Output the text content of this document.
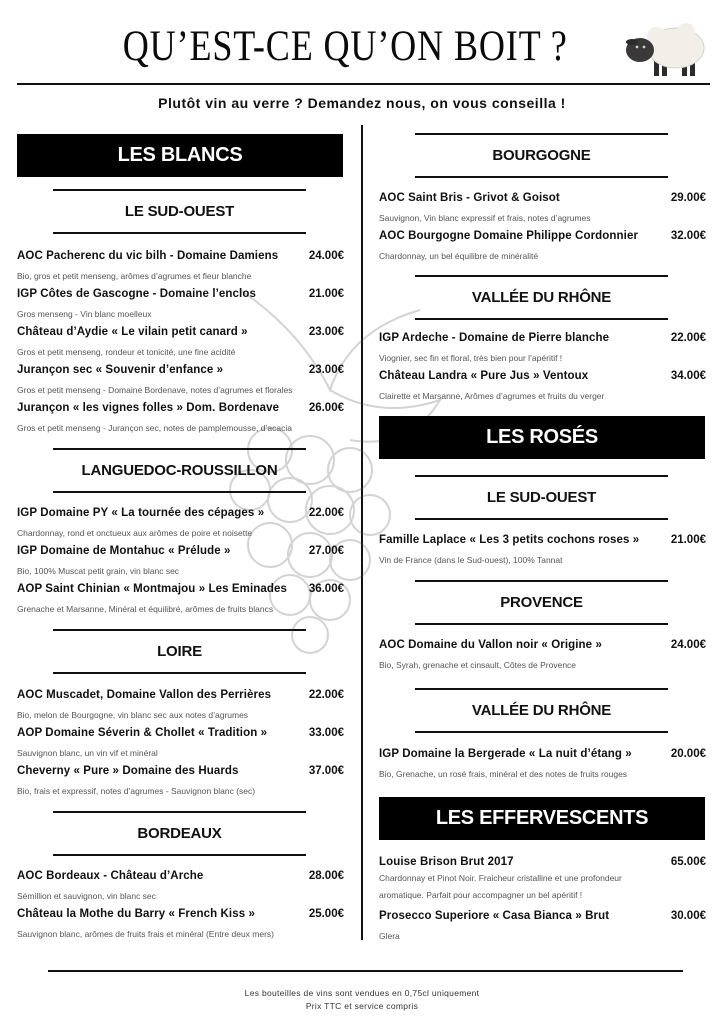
QU’EST-CE QU’ON BOIT ?
Plutôt vin au verre ? Demandez nous, on vous conseilla !
LES BLANCS
LE SUD-OUEST
AOC Pacherenc du vic bilh - Domaine Damiens	24.00€
Bio, gros et petit menseng, arômes d’agrumes et fleur blanche
IGP Côtes de Gascogne - Domaine l’enclos	21.00€
Gros menseng - Vin blanc moelleux
Château d’Aydie « Le vilain petit canard »	23.00€
Gros et petit menseng, rondeur et tonicité, une fine acidité
Jurançon sec « Souvenir d’enfance »	23.00€
Gros et petit menseng - Domaine Bordenave, notes d’agrumes et florales
Jurançon « les vignes folles » Dom. Bordenave	26.00€
Gros et petit menseng - Jurançon sec, notes de pamplemousse, d’acacia
LANGUEDOC-ROUSSILLON
IGP Domaine PY « La tournée des cépages »	22.00€
Chardonnay, rond et onctueux aux arômes de poire et noisette
IGP Domaine de Montahuc « Prélude »	27.00€
Bio, 100% Muscat petit grain, vin blanc sec
AOP Saint Chinian « Montmajou » Les Eminades 36.00€
Grenache et Marsanne, Minéral et équilibré, arômes de fruits blancs
LOIRE
AOC Muscadet, Domaine Vallon des Perrières	22.00€
Bio, melon de Bourgogne, vin blanc sec aux notes d’agrumes
AOP Domaine Séverin & Chollet « Tradition »	33.00€
Sauvignon blanc, un vin vif et minéral
Cheverny « Pure » Domaine des Huards	37.00€
Bio, frais et expressif, notes d’agrumes - Sauvignon blanc (sec)
BORDEAUX
AOC Bordeaux - Château d’Arche	28.00€
Sémillion et sauvignon, vin blanc sec
Château la Mothe du Barry « French Kiss »	25.00€
Sauvignon blanc, arômes de fruits frais et minéral (Entre deux mers)
BOURGOGNE
AOC Saint Bris - Grivot & Goisot	29.00€
Sauvignon, Vin blanc expressif et frais, notes d’agrumes
AOC Bourgogne Domaine Philippe Cordonnier	32.00€
Chardonnay, un bel équilibre de minéralité
VALLÉE DU RHÔNE
IGP Ardeche - Domaine de Pierre blanche	22.00€
Viognier, sec fin et floral, très bien pour l’apéritif !
Château Landra « Pure Jus » Ventoux	34.00€
Clairette et Marsanne, Arômes d’agrumes et fruits du verger
LES ROSÉS
LE SUD-OUEST
Famille Laplace « Les 3 petits cochons roses »	21.00€
Vin de France (dans le Sud-ouest), 100% Tannat
PROVENCE
AOC Domaine du Vallon noir « Origine »	24.00€
Bio, Syrah, grenache et cinsault, Côtes de Provence
VALLÉE DU RHÔNE
IGP Domaine la Bergerade « La nuit d’étang »	20.00€
Bio, Grenache, un rosé frais, minéral et des notes de fruits rouges
LES EFFERVESCENTS
Louise Brison Brut 2017	65.00€
Chardonnay et Pinot Noir. Fraicheur cristalline et une profondeur aromatique. Parfait pour accompagner un bel apéritif !
Prosecco Superiore « Casa Bianca » Brut	30.00€
Glera
Les bouteilles de vins sont vendues en 0,75cl uniquement
Prix TTC et service compris
